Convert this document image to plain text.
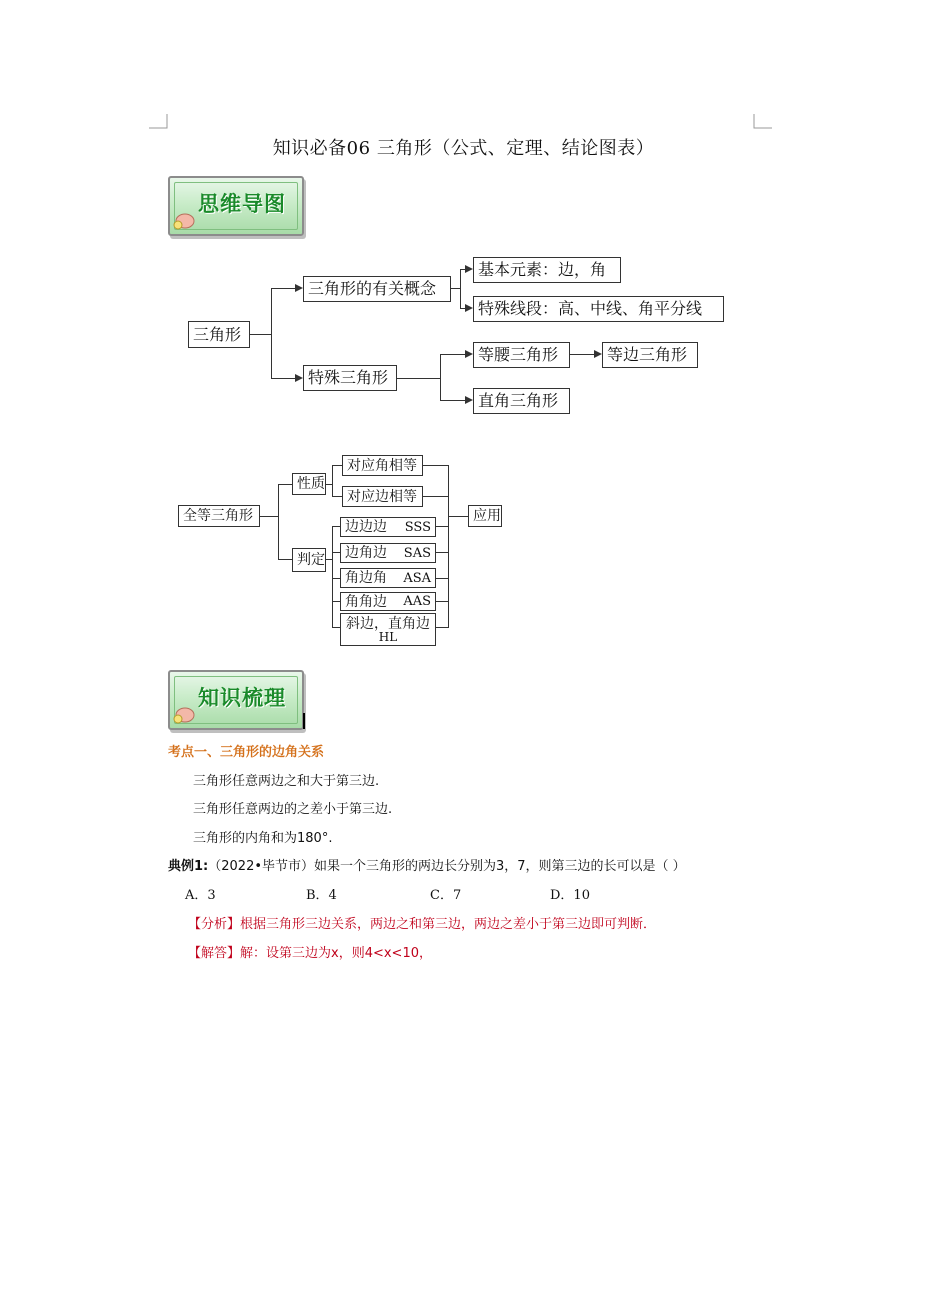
知识必备06 三角形（公式、定理、结论图表）
思维导图
三角形
三角形的有关概念
基本元素：边，角
特殊线段：高、中线、角平分线
特殊三角形
等腰三角形	等边三角形
直角三角形
全等三角形
性质
判定
对应角相等
对应边相等
边边边 SSS
边角边 SAS
角边角 ASA
角角边 AAS
斜边，直角边
HL
应用
知识梳理
考点一、三角形的边角关系
三角形任意两边之和大于第三边.
三角形任意两边的之差小于第三边.
三角形的内角和为180°.
典例1:（2022•毕节市）如果一个三角形的两边长分别为3，7，则第三边的长可以是（ ）
A．3	B．4	C．7	D．10
【分析】根据三角形三边关系，两边之和第三边，两边之差小于第三边即可判断．
【解答】解：设第三边为x，则4<x<10，
